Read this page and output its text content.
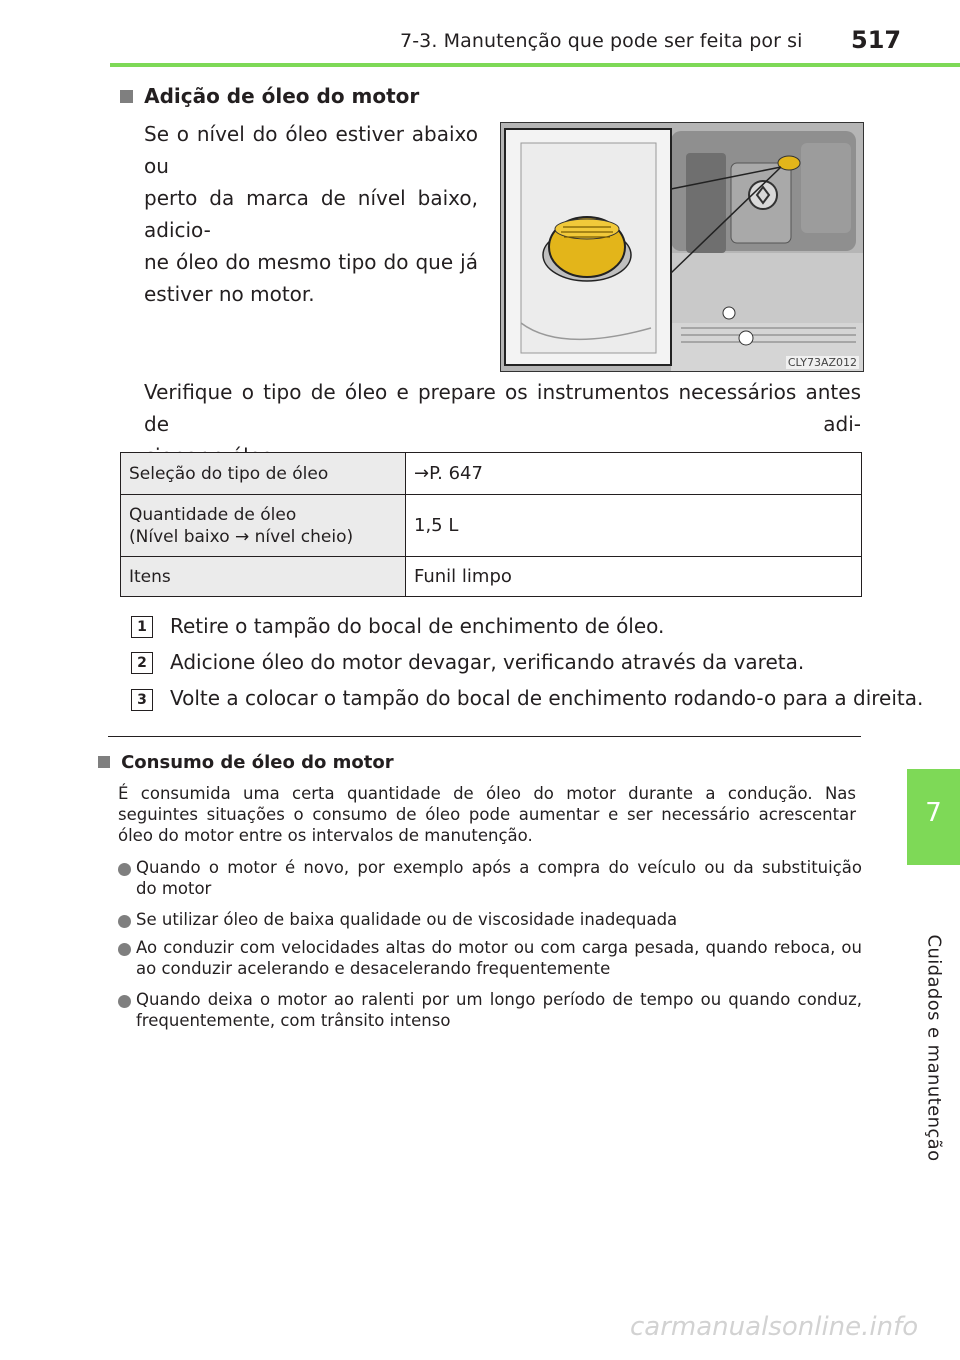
7-3. Manutenção que pode ser feita por si 517
7
Cuidados e manutenção
Adição de óleo do motor
Se o nível do óleo estiver abaixo ou
perto da marca de nível baixo, adicio-
ne óleo do mesmo tipo do que já
estiver no motor.
CLY73AZ012
Verifique o tipo de óleo e prepare os instrumentos necessários antes de adi-
Seleção do tipo de óleo	→P. 647
Quantidade de óleo
(Nível baixo → nível cheio)	1,5 L
Itens	Funil limpo
1	Retire o tampão do bocal de enchimento de óleo.
2	Adicione óleo do motor devagar, verificando através da vareta.
3	Volte a colocar o tampão do bocal de enchimento rodando-o para a direita.
Consumo de óleo do motor
É consumida uma certa quantidade de óleo do motor durante a condução. Nas
seguintes situações o consumo de óleo pode aumentar e ser necessário acrescentar
óleo do motor entre os intervalos de manutenção.
Quando o motor é novo, por exemplo após a compra do veículo ou da substituição
do motor
Se utilizar óleo de baixa qualidade ou de viscosidade inadequada
Ao conduzir com velocidades altas do motor ou com carga pesada, quando reboca, ou
ao conduzir acelerando e desacelerando frequentemente
Quando deixa o motor ao ralenti por um longo período de tempo ou quando conduz,
frequentemente, com trânsito intenso
carmanualsonline.info
